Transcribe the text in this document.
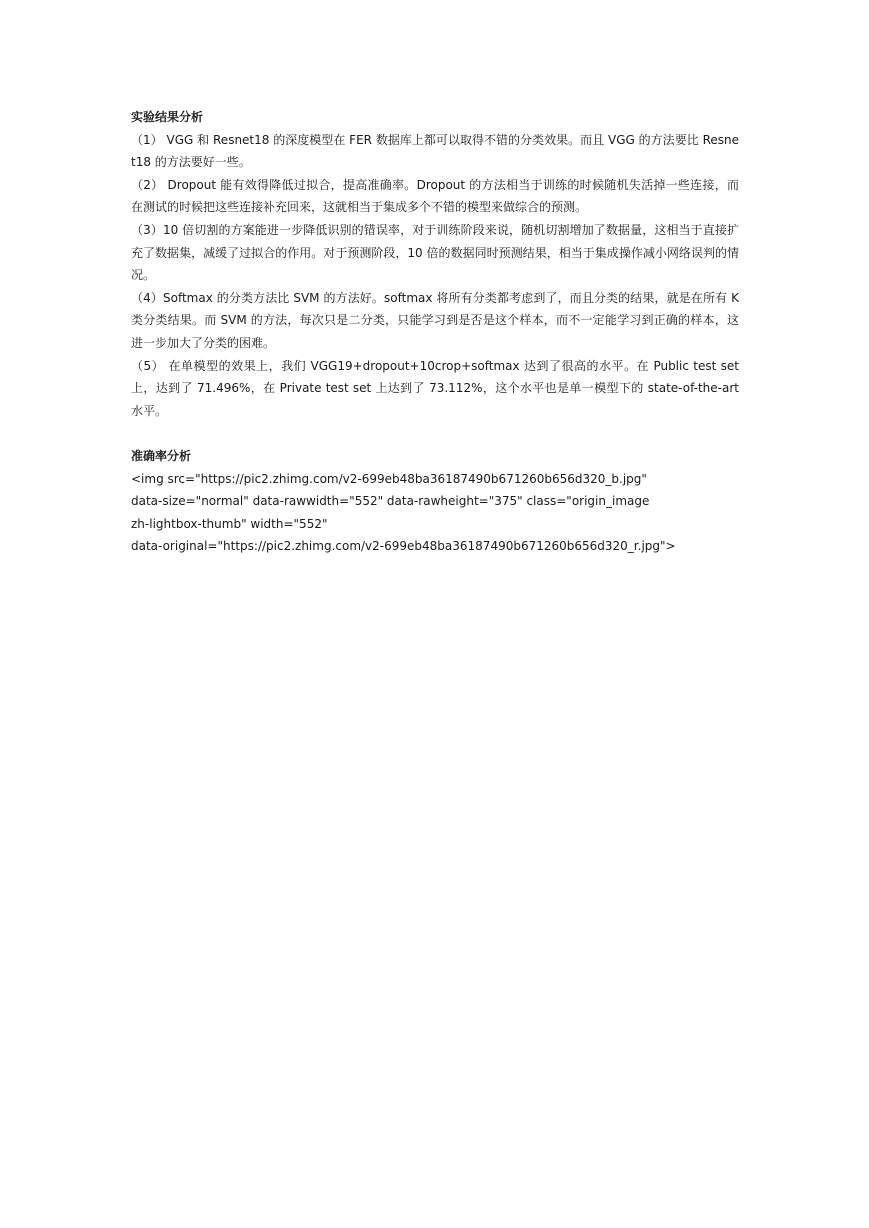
实验结果分析

（1） VGG 和 Resnet18 的深度模型在 FER 数据库上都可以取得不错的分类效果。而且 VGG 的方法要比 Resnet18 的方法要好一些。

（2） Dropout 能有效得降低过拟合，提高准确率。Dropout 的方法相当于训练的时候随机失活掉一些连接，而在测试的时候把这些连接补充回来，这就相当于集成多个不错的模型来做综合的预测。

（3）10 倍切割的方案能进一步降低识别的错误率，对于训练阶段来说，随机切割增加了数据量，这相当于直接扩充了数据集，减缓了过拟合的作用。对于预测阶段，10 倍的数据同时预测结果，相当于集成操作减小网络误判的情况。

（4）Softmax 的分类方法比 SVM 的方法好。softmax 将所有分类都考虑到了，而且分类的结果，就是在所有 K 类分类结果。而 SVM 的方法，每次只是二分类，只能学习到是否是这个样本，而不一定能学习到正确的样本，这进一步加大了分类的困难。

（5） 在单模型的效果上，我们 VGG19+dropout+10crop+softmax 达到了很高的水平。在 Public test set 上，达到了 71.496%，在 Private test set 上达到了 73.112%，这个水平也是单一模型下的 state-of-the-art 水平。

准确率分析

<img src="https://pic2.zhimg.com/v2-699eb48ba36187490b671260b656d320_b.jpg"

data-size="normal" data-rawwidth="552" data-rawheight="375" class="origin_image

zh-lightbox-thumb" width="552"

data-original="https://pic2.zhimg.com/v2-699eb48ba36187490b671260b656d320_r.jpg">
